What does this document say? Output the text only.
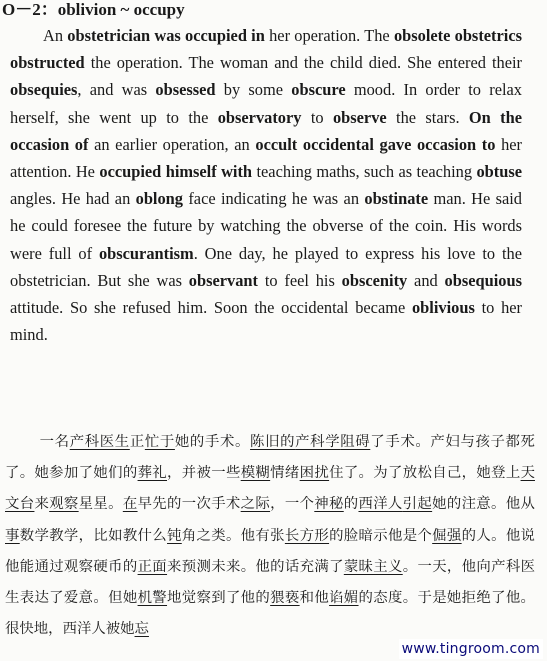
O－2：oblivion ~ occupy

An obstetrician was occupied in her operation. The obsolete obstetrics obstructed the operation. The woman and the child died. She entered their obsequies, and was obsessed by some obscure mood. In order to relax herself, she went up to the observatory to observe the stars. On the occasion of an earlier operation, an occult occidental gave occasion to her attention. He occupied himself with teaching maths, such as teaching obtuse angles. He had an oblong face indicating he was an obstinate man. He said he could foresee the future by watching the obverse of the coin. His words were full of obscurantism. One day, he played to express his love to the obstetrician. But she was observant to feel his obscenity and obsequious attitude. So she refused him. Soon the occidental became oblivious to her mind.

一名产科医生正忙于她的手术。陈旧的产科学阻碍了手术。产妇与孩子都死了。她参加了她们的葬礼，并被一些模糊情绪困扰住了。为了放松自己，她登上天文台来观察星星。在早先的一次手术之际，一个神秘的西洋人引起她的注意。他从事数学教学，比如教什么钝角之类。他有张长方形的脸暗示他是个倔强的人。他说他能通过观察硬币的正面来预测未来。他的话充满了蒙昧主义。一天，他向产科医生表达了爱意。但她机警地觉察到了他的猥亵和他谄媚的态度。于是她拒绝了他。很快地，西洋人被她忘

www.tingroom.com
